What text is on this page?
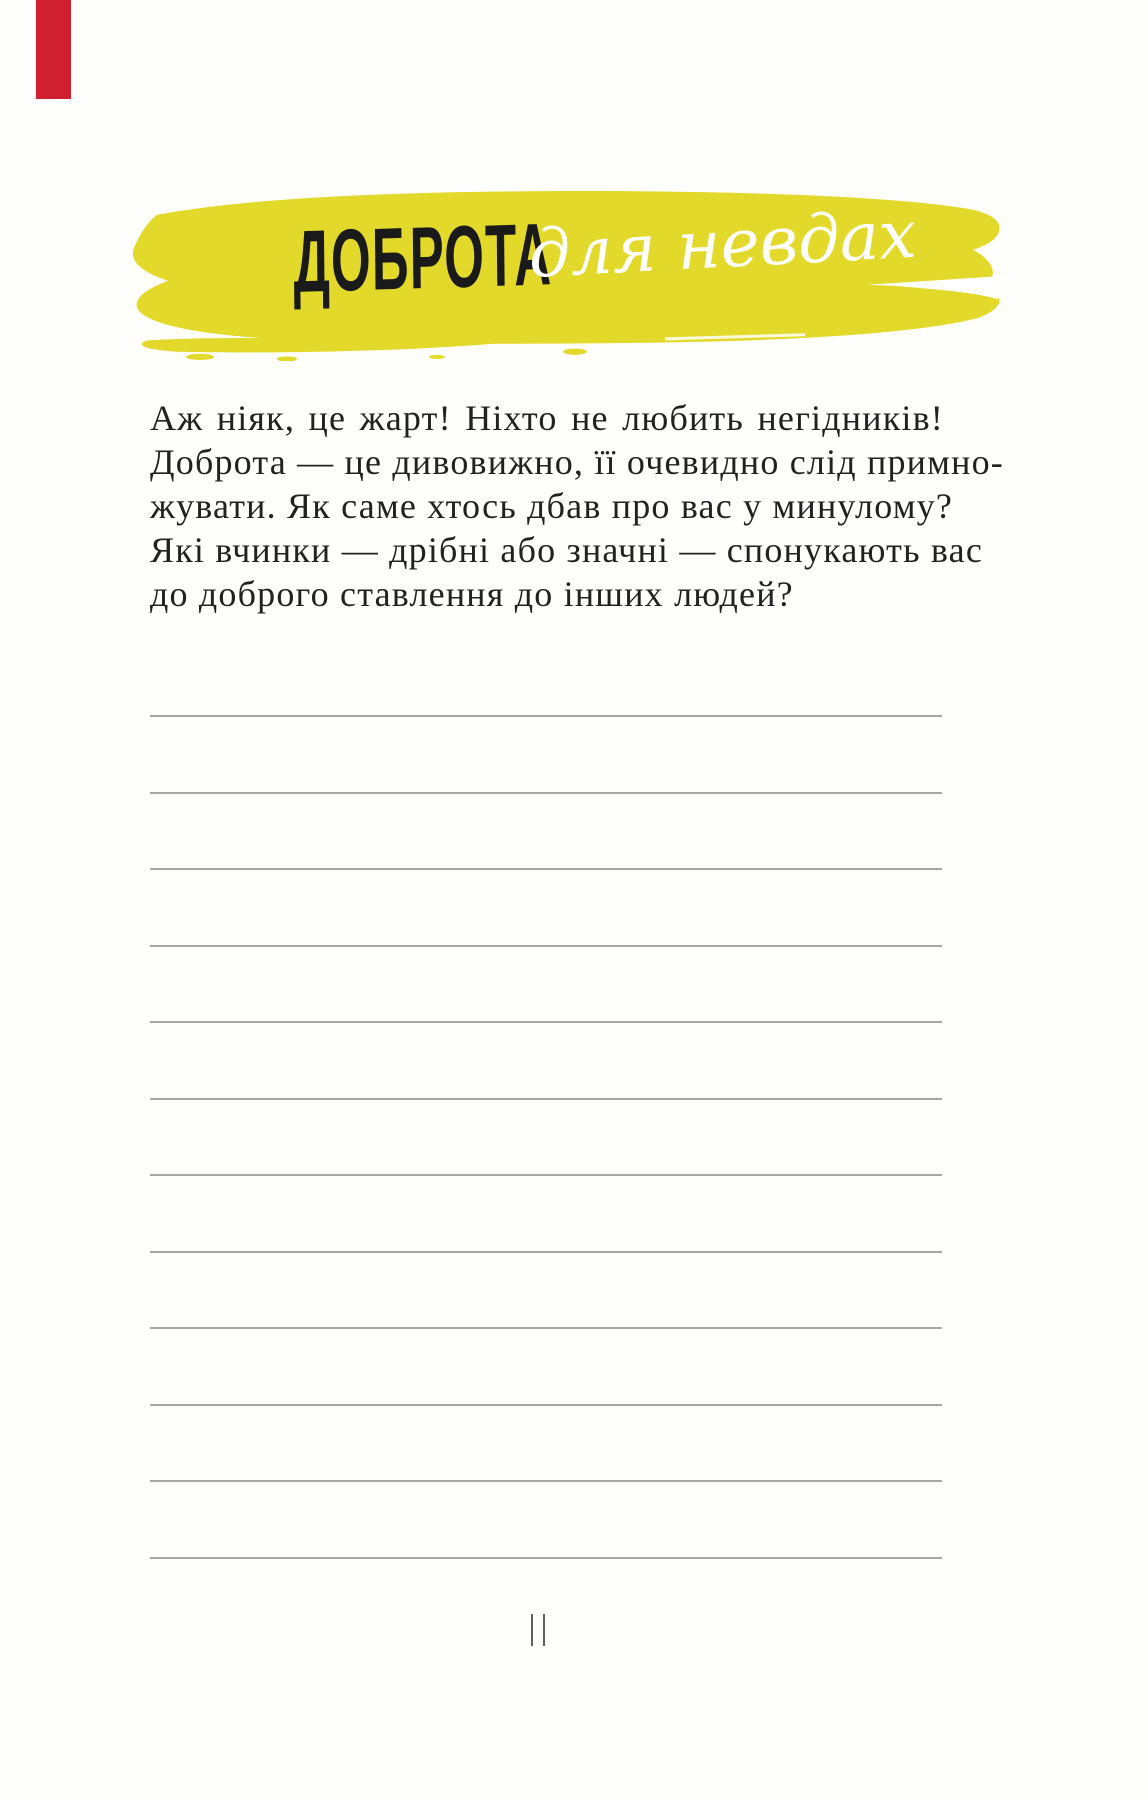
ДОБРОТА
для невдах
Аж ніяк, це жарт! Ніхто не любить негідників!
Доброта — це дивовижно, її очевидно слід примно-
жувати. Як саме хтось дбав про вас у минулому?
Які вчинки — дрібні або значні — спонукають вас
до доброго ставлення до інших людей?
